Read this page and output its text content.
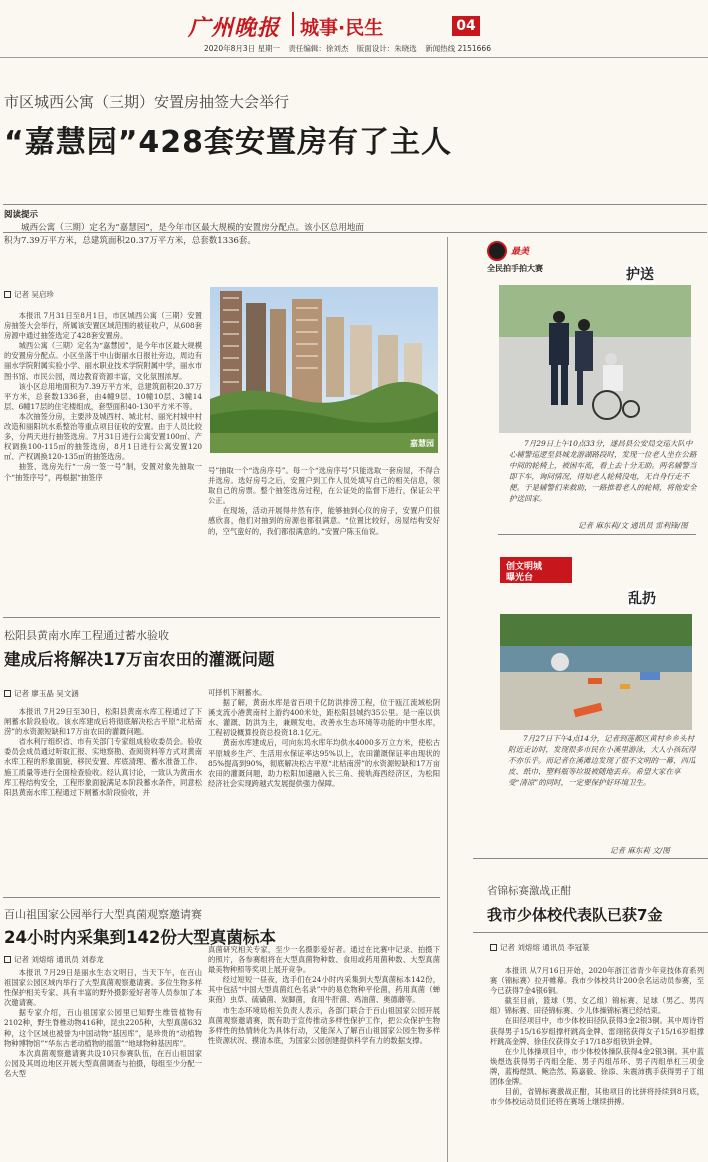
广州晚报 城事·民生	04
2020年8月3日 星期一 责任编辑：徐刘杰 版面设计：朱晓选 新闻热线 2151666
市区城西公寓（三期）安置房抽签大会举行
“嘉慧园”428套安置房有了主人
阅读提示
城西公寓（三期）定名为“嘉慧园”，是今年市区最大规模的安置房分配点。该小区总用地面积为7.39万平方米，总建筑面积20.37万平方米，总套数1336套。
记者 吴启珍

本报讯 7月31日至8月1日，市区城西公寓（三期）安置房抽签大会举行，所属该安置区域范围的被征收户，从608套房源中通过抽签选定了428套安置房。

城西公寓（三期）定名为“嘉慧园”，是今年市区最大规模的安置房分配点。小区坐落于中山街丽水日报社旁边，周边有丽水学院附属实验小学、丽水职业技术学院附属中学，丽水市图书馆、市民公园，周边教育资源丰富，文化氛围浓厚。

该小区总用地面积为7.39万平方米，总建筑面积20.37万平方米，总套数1336套，由4幢9层、10幢10层、3幢14层、6幢17层的住宅楼组成，套型面积40-130平方米不等。

本次抽签分房，主要涉及城西村、城北村、丽光村城中村改造和丽阳坑水系整治等重点项目征收的安置。由于人员比较多，分两天进行抽签选房。7月31日进行公寓安置100㎡、产权调换100-115㎡的抽签选房，8月1日进行公寓安置120㎡、产权调换120-135㎡的抽签选房。

抽签、选房先行“一房一签一号”制，安置对象先抽取一个“抽签序号”，再根据“抽签序

嘉慧园

号”抽取一个“选房序号”。每一个“选房序号”只能选取一套房屋，不得合并选房。选好房号之后，安置户到工作人员处填写自己的相关信息，领取自己的房票。整个抽签选房过程，在公证处的监督下进行，保证公平公正。

在现场，活动开展得井然有序，能够抽到心仪的房子，安置户们很感欣喜，他们对抽到的房源也都很满意。“位置比较好，房屋结构安好的，空气蛮好的，我们都很满意的。”安置户陈玉仙说。

松阳县黄南水库工程通过蓄水验收
建成后将解决17万亩农田的灌溉问题
记者 廖玉晶 吴文涵

本报讯 7月29日至30日，松阳县黄南水库工程通过了下闸蓄水阶段验收。该水库建成后将彻底解决松古平原“北枯南涝”的水资源短缺和17万亩农田的灌溉问题。

省水利厅组织省、市有关部门专家组成验收委员会。验收委员会成员通过听取汇报、实地察勘、查阅资料等方式对黄南水库工程的形象面貌、移民安置、库底清理、蓄水准备工作、施工质量等进行全面检查验收。经认真讨论，一致认为黄南水库工程结构安全，工程形象面貌满足本阶段蓄水条件，同意松阳县黄南水库工程通过下闸蓄水阶段验收，并

可择机下闸蓄水。

据了解，黄南水库是省百项千亿防洪排涝工程，位于瓯江流域松阴溪支流小港黄南村上游约400米处，距松阳县城约35公里。是一座以供水、灌溉、防洪为主，兼顾发电、改善水生态环境等功能的中型水库，工程初设概算投资总投资18.1亿元。

黄南水库建成后，可向东坞水库年均供水4000多万立方米，使松古平原城乡生产、生活用水保证率达95%以上，农田灌溉保证率由现状的85%提高到90%，彻底解决松古平原“北枯南涝”的水资源短缺和17万亩农田的灌溉问题，助力松阳加速融入长三角、接轨海西经济区，为松阳经济社会实现跨越式发展提供强力保障。

百山祖国家公园举行大型真菌观察邀请赛
24小时内采集到142份大型真菌标本
记者 刘熔熔 通讯员 刘春龙

本报讯 7月29日是丽水生态文明日，当天下午，在百山祖国家公园区域内举行了大型真菌观察邀请赛。多位生物多样性保护相关专家、具有丰富的野外摄影爱好者等人员参加了本次邀请赛。

据专家介绍，百山祖国家公园里已知野生维管植物有2102种，野生脊椎动物416种，昆虫2205种，大型真菌632种，这个区域也被誉为中国动物“基因库”，是珍贵的“动植物物种博物馆”“华东古老动植物的摇篮”“地球物种基因库”。

本次真菌观察邀请赛共设10只参赛队伍，在百山祖国家公园及其周边地区开展大型真菌调查与拍摄，每组至少分配一名大型

真菌研究相关专家，至少一名摄影爱好者。通过在比赛中记录、拍摄下的照片，各参赛组将在大型真菌物种数、食用或药用菌种数、大型真菌最美物种照等奖项上展开竞争。

经过短短一昼夜，选手们在24小时内采集到大型真菌标本142份，其中包括“中国大型真菌红色名录”中的易危物种平伦菌，药用真菌（蝉束孢）虫草、硫磺菌、炭脚菌，食用牛肝菌、鸡油菌、奥德蘑等。

市生态环境局相关负责人表示，各部门联合于百山祖国家公园开展真菌观察邀请赛，既有助于宣传推动多样性保护工作，把公众保护生物多样性的热情转化为具体行动，又能深入了解百山祖国家公园生物多样性资源状况、摸清本底，为国家公园创建提供科学有力的数据支撑。

最美
全民拍手拍大赛	护送
7月29日上午10点33分，遂昌县公安局交巡大队中心辅警巡逻至县城龙游湖路段时，发现一位老人坐在公路中间的轮椅上，被困车流，看上去十分无助。两名辅警当即下车，询问情况，得知老人轮椅没电，无自身行走不便。于是辅警们来救助，一路推着老人的轮椅，将他安全护送回家。
记者 麻东莉/文 通讯员 雷利锋/图
创文明城
曝光台
乱扔
7月27日下午4点14分，记者到莲都区黄村乡乡头村附近走访时，发现很多市民在小溪里游泳，大人小孩玩得不亦乐乎。而记者在溪滩边发现了很不文明的一幕，西瓜皮、纸巾、塑料瓶等垃圾被随地丢弃。希望大家在享受“清凉”的同时，一定要保护好环境卫生。
记者 麻东莉 文/图
省锦标赛激战正酣
我市少体校代表队已获7金
记者 刘熔熔 通讯员 李冠篆

本报讯 从7月16日开始，2020年浙江省青少年竞技体育系列赛（锦标赛）拉开帷幕。我市少体校共计200余名运动员参赛，至今已获得7金4银6铜。

截至目前，篮球（男、女乙组）锦标赛、足球（男乙、男丙组）锦标赛、田径锦标赛、少儿体操锦标赛已经结束。

在田径项目中，市少体校田径队获得3金2银3铜。其中周诗哲获得男子15/16岁组撑杆跳高金牌、雷翊铭获得女子15/16岁组撑杆跳高金牌、徐佳仪获得女子17/18岁组铁饼金牌。

在少儿体操项目中，市少体校体操队获得4金2银3铜。其中蓝焕煜选获得男子丙组全能、男子丙组吊环、男子丙组单杠三项金牌，蓝梅煜凯、鲍浩然、陈嘉毅、徐添、朱震沛携手获得男子丁组团体金牌。

目前，省锦标赛激战正酣，其他项目的比拼将持续到8月底，市少体校运动员们还将在赛场上继续拼搏。
